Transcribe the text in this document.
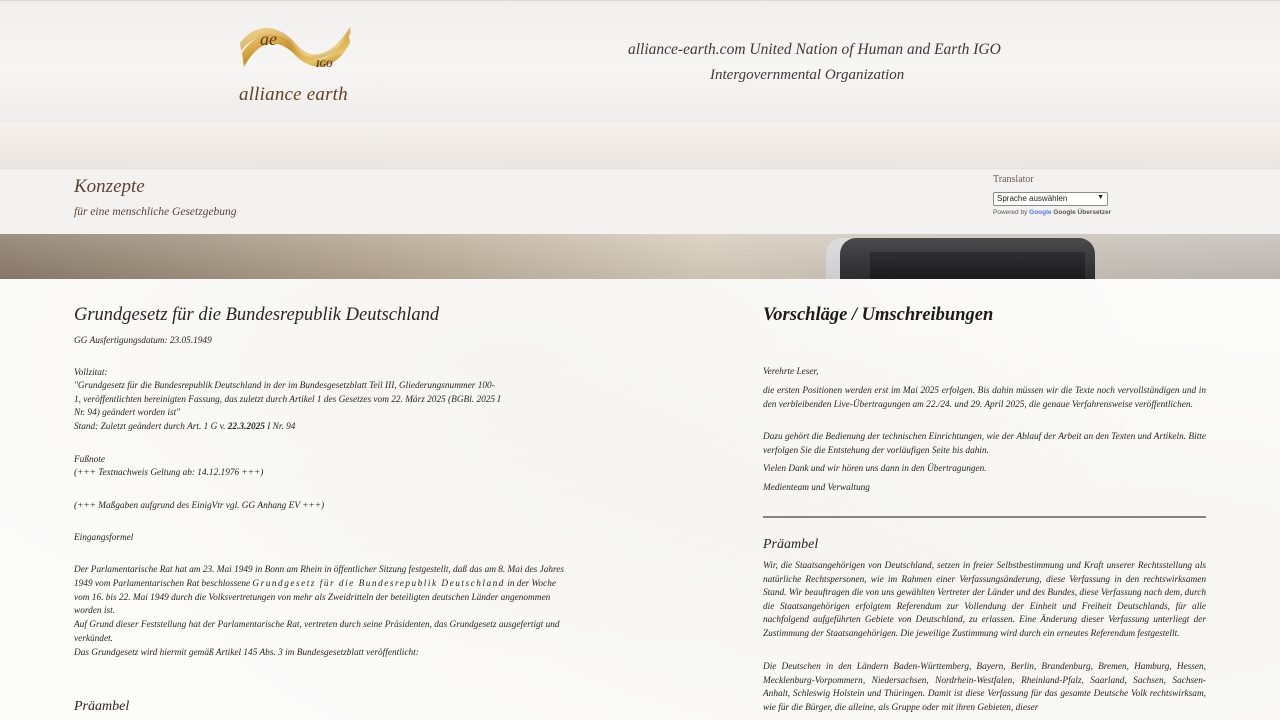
ae
IGO
alliance earth
alliance-earth.com United Nation of Human and Earth IGO
Intergovernmental Organization
Konzepte
für eine menschliche Gesetzgebung
Translator
Sprache auswählen	▼
Powered by Google Google Übersetzer
Grundgesetz für die Bundesrepublik Deutschland

GG Ausfertigungsdatum: 23.05.1949

Vollzitat:

"Grundgesetz für die Bundesrepublik Deutschland in der im Bundesgesetzblatt Teil III, Gliederungsnummer 100-

1, veröffentlichten bereinigten Fassung, das zuletzt durch Artikel 1 des Gesetzes vom 22. März 2025 (BGBl. 2025 I

Nr. 94) geändert worden ist"

Stand: Zuletzt geändert durch Art. 1 G v. 22.3.2025 I Nr. 94

Fußnote

(+++ Textnachweis Geltung ab: 14.12.1976 +++)

(+++ Maßgaben aufgrund des EinigVtr vgl. GG Anhang EV +++)

Eingangsformel

Der Parlamentarische Rat hat am 23. Mai 1949 in Bonn am Rhein in öffentlicher Sitzung festgestellt, daß das am 8. Mai des Jahres

1949 vom Parlamentarischen Rat beschlossene Grundgesetz für die Bundesrepublik Deutschland in der Woche

vom 16. bis 22. Mai 1949 durch die Volksvertretungen von mehr als Zweidritteln der beteiligten deutschen Länder angenommen

worden ist.

Auf Grund dieser Feststellung hat der Parlamentarische Rat, vertreten durch seine Präsidenten, das Grundgesetz ausgefertigt und

verkündet.

Das Grundgesetz wird hiermit gemäß Artikel 145 Abs. 3 im Bundesgesetzblatt veröffentlicht:

Präambel
Vorschläge / Umschreibungen

Verehrte Leser,

die ersten Positionen werden erst im Mai 2025 erfolgen. Bis dahin müssen wir die Texte noch vervollständigen und in den verbleibenden Live-Übertragungen am 22./24. und 29. April 2025, die genaue Verfahrensweise veröffentlichen.

Dazu gehört die Bedienung der technischen Einrichtungen, wie der Ablauf der Arbeit an den Texten und Artikeln. Bitte verfolgen Sie die Entstehung der vorläufigen Seite bis dahin.

Vielen Dank und wir hören uns dann in den Übertragungen.

Medienteam und Verwaltung

Präambel

Wir, die Staatsangehörigen von Deutschland, setzen in freier Selbstbestimmung und Kraft unserer Rechtsstellung als natürliche Rechtspersonen, wie im Rahmen einer Verfassungsänderung, diese Verfassung in den rechtswirksamen Stand. Wir beauftragen die von uns gewählten Vertreter der Länder und des Bundes, diese Verfassung nach dem, durch die Staatsangehörigen erfolgtem Referendum zur Vollendung der Einheit und Freiheit Deutschlands, für alle nachfolgend aufgeführten Gebiete von Deutschland, zu erlassen. Eine Änderung dieser Verfassung unterliegt der Zustimmung der Staatsangehörigen. Die jeweilige Zustimmung wird durch ein erneutes Referendum festgestellt.

Die Deutschen in den Ländern Baden-Württemberg, Bayern, Berlin, Brandenburg, Bremen, Hamburg, Hessen, Mecklenburg-Vorpommern, Niedersachsen, Nordrhein-Westfalen, Rheinland-Pfalz, Saarland, Sachsen, Sachsen-Anhalt, Schleswig Holstein und Thüringen. Damit ist diese Verfassung für das gesamte Deutsche Volk rechtswirksam, wie für die Bürger, die alleine, als Gruppe oder mit ihren Gebieten, dieser
